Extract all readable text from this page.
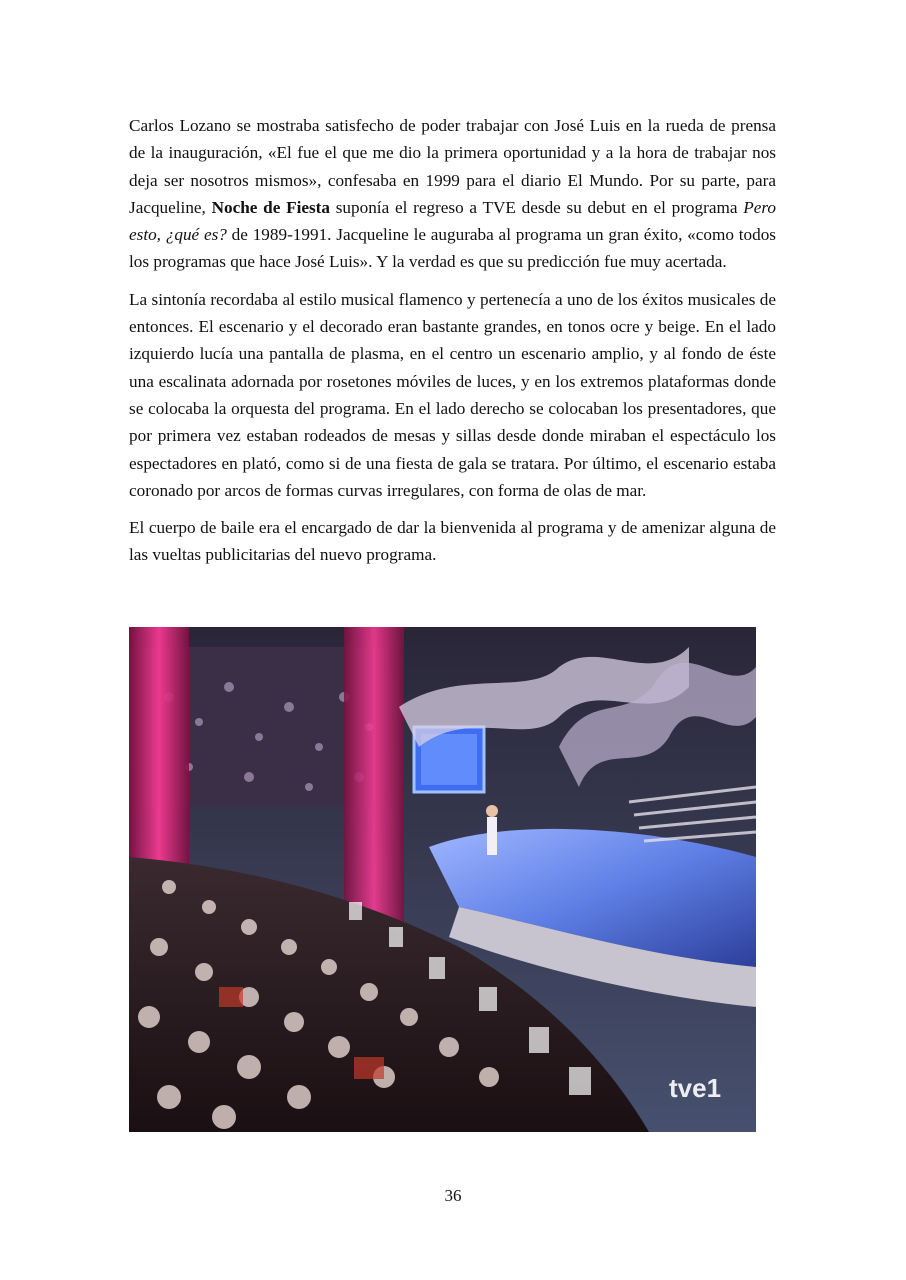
Carlos Lozano se mostraba satisfecho de poder trabajar con José Luis en la rueda de prensa de la inauguración, «El fue el que me dio la primera oportunidad y a la hora de trabajar nos deja ser nosotros mismos», confesaba en 1999 para el diario El Mundo. Por su parte, para Jacqueline, Noche de Fiesta suponía el regreso a TVE desde su debut en el programa Pero esto, ¿qué es? de 1989-1991. Jacqueline le auguraba al programa un gran éxito, «como todos los programas que hace José Luis». Y la verdad es que su predicción fue muy acertada.

La sintonía recordaba al estilo musical flamenco y pertenecía a uno de los éxitos musicales de entonces. El escenario y el decorado eran bastante grandes, en tonos ocre y beige. En el lado izquierdo lucía una pantalla de plasma, en el centro un escenario amplio, y al fondo de éste una escalinata adornada por rosetones móviles de luces, y en los extremos plataformas donde se colocaba la orquesta del programa. En el lado derecho se colocaban los presentadores, que por primera vez estaban rodeados de mesas y sillas desde donde miraban el espectáculo los espectadores en plató, como si de una fiesta de gala se tratara. Por último, el escenario estaba coronado por arcos de formas curvas irregulares, con forma de olas de mar.

El cuerpo de baile era el encargado de dar la bienvenida al programa y de amenizar alguna de las vueltas publicitarias del nuevo programa.

tve1
36
